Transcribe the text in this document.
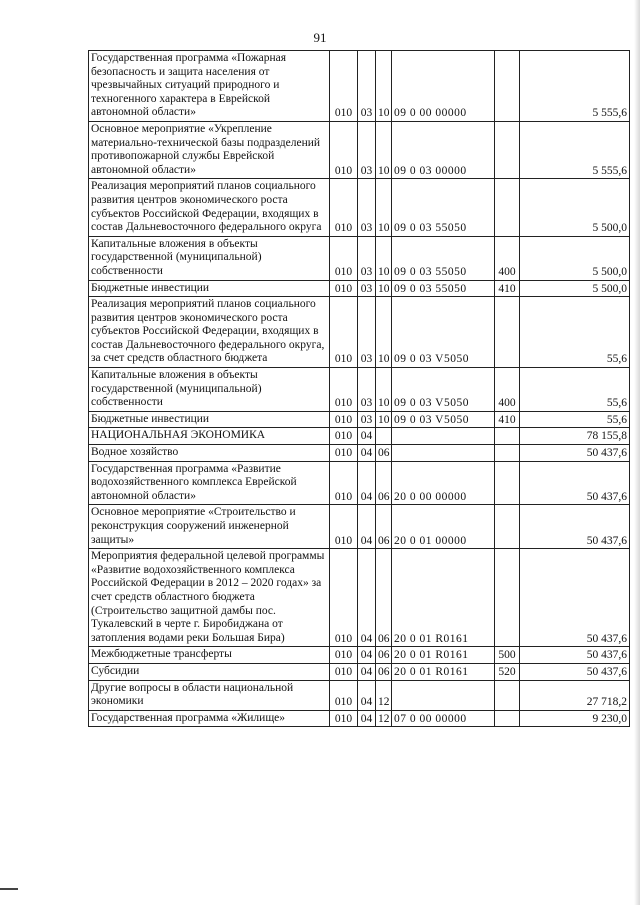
91
Государственная программа «Пожарная безопасность и защита населения от чрезвычайных ситуаций природного и техногенного характера в Еврейской автономной области»	010	03	10	09 0 00 00000		5 555,6
Основное мероприятие «Укрепление материально-технической базы подразделений противопожарной службы Еврейской автономной области»	010	03	10	09 0 03 00000		5 555,6
Реализация мероприятий планов социального развития центров экономического роста субъектов Российской Федерации, входящих в состав Дальневосточного федерального округа	010	03	10	09 0 03 55050		5 500,0
Капитальные вложения в объекты государственной (муниципальной) собственности	010	03	10	09 0 03 55050	400	5 500,0
Бюджетные инвестиции	010	03	10	09 0 03 55050	410	5 500,0
Реализация мероприятий планов социального развития центров экономического роста субъектов Российской Федерации, входящих в состав Дальневосточного федерального округа, за счет средств областного бюджета	010	03	10	09 0 03 V5050		55,6
Капитальные вложения в объекты государственной (муниципальной) собственности	010	03	10	09 0 03 V5050	400	55,6
Бюджетные инвестиции	010	03	10	09 0 03 V5050	410	55,6
НАЦИОНАЛЬНАЯ ЭКОНОМИКА	010	04				78 155,8
Водное хозяйство	010	04	06			50 437,6
Государственная программа «Развитие водохозяйственного комплекса Еврейской автономной области»	010	04	06	20 0 00 00000		50 437,6
Основное мероприятие «Строительство и реконструкция сооружений инженерной защиты»	010	04	06	20 0 01 00000		50 437,6
Мероприятия федеральной целевой программы «Развитие водохозяйственного комплекса Российской Федерации в 2012 – 2020 годах» за счет средств областного бюджета (Строительство защитной дамбы пос. Тукалевский в черте г. Биробиджана от затопления водами реки Большая Бира)	010	04	06	20 0 01 R0161		50 437,6
Межбюджетные трансферты	010	04	06	20 0 01 R0161	500	50 437,6
Субсидии	010	04	06	20 0 01 R0161	520	50 437,6
Другие вопросы в области национальной экономики	010	04	12			27 718,2
Государственная программа «Жилище»	010	04	12	07 0 00 00000		9 230,0
